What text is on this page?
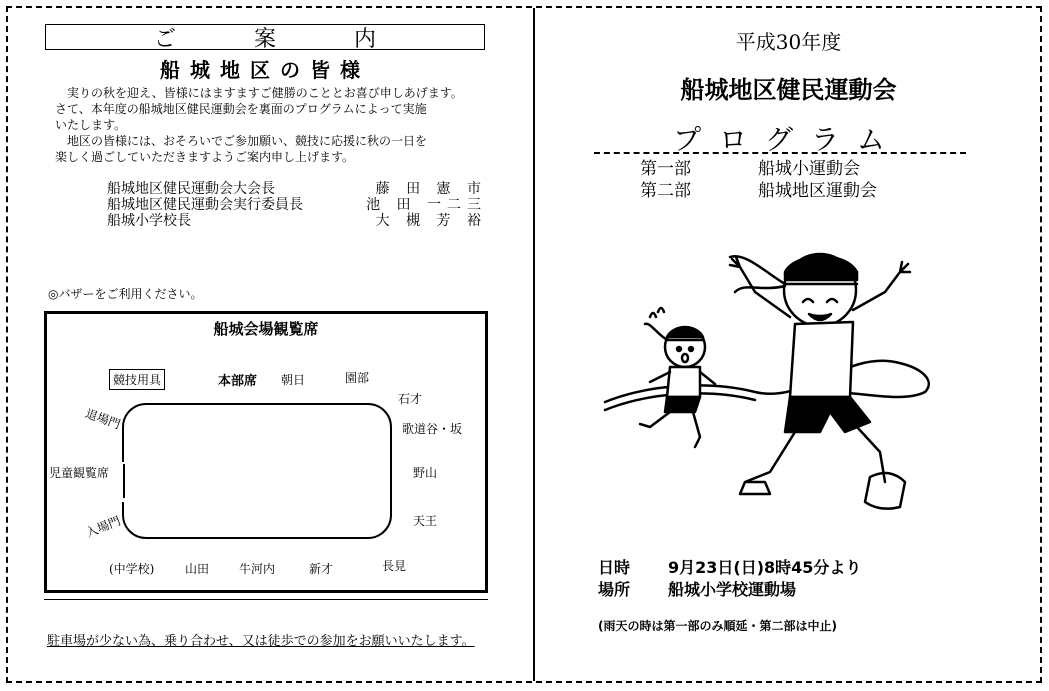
ご　案　内
船城地区の皆様

　実りの秋を迎え、皆様にはますますご健勝のこととお喜び申しあげます。

さて、本年度の船城地区健民運動会を裏面のプログラムによって実施

いたします。

　地区の皆様には、おそろいでご参加願い、競技に応援に秋の一日を

楽しく過ごしていただきますようご案内申し上げます。

船城地区健民運動会大会長	藤 田 憲 市
船城地区健民運動会実行委員長	池 田 一二三
船城小学校長	大 槻 芳 裕
◎バザーをご利用ください。
船城会場観覧席
競技用具	本部席 朝日	園部
石才
歌道谷・坂
野山
天王
長見
退場門
入場門
児童観覧席
(中学校)	山田 牛河内	新才
駐車場が少ない為、乗り合わせ、又は徒歩での参加をお願いいたします。
平成30年度
船城地区健民運動会
プログラム
第一部	船城小運動会
第二部	船城地区運動会
日時	9月23日(日)8時45分より
場所	船城小学校運動場
(雨天の時は第一部のみ順延・第二部は中止)
